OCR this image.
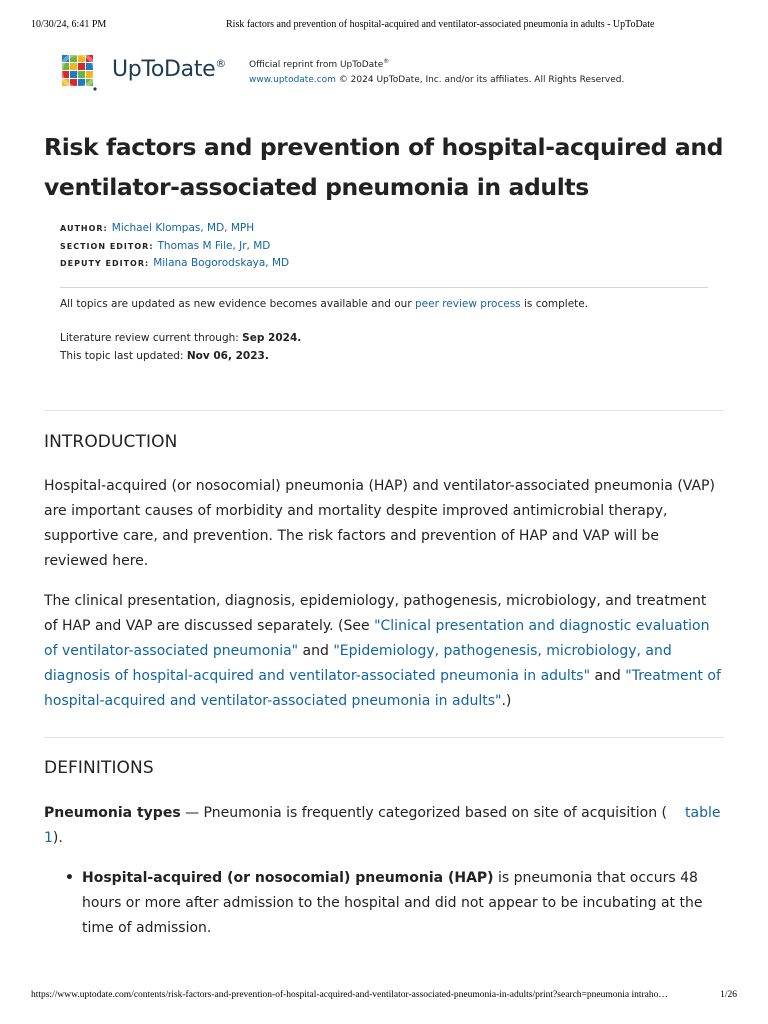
10/30/24, 6:41 PM	Risk factors and prevention of hospital-acquired and ventilator-associated pneumonia in adults - UpToDate
UpToDate®	Official reprint from UpToDate®
www.uptodate.com © 2024 UpToDate, Inc. and/or its affiliates. All Rights Reserved.
Risk factors and prevention of hospital-acquired and ventilator-associated pneumonia in adults
AUTHOR: Michael Klompas, MD, MPH
SECTION EDITOR: Thomas M File, Jr, MD
DEPUTY EDITOR: Milana Bogorodskaya, MD
All topics are updated as new evidence becomes available and our peer review process is complete.
Literature review current through: Sep 2024.
This topic last updated: Nov 06, 2023.
INTRODUCTION

Hospital-acquired (or nosocomial) pneumonia (HAP) and ventilator-associated pneumonia (VAP) are important causes of morbidity and mortality despite improved antimicrobial therapy, supportive care, and prevention. The risk factors and prevention of HAP and VAP will be reviewed here.

The clinical presentation, diagnosis, epidemiology, pathogenesis, microbiology, and treatment of HAP and VAP are discussed separately. (See "Clinical presentation and diagnostic evaluation of ventilator-associated pneumonia" and "Epidemiology, pathogenesis, microbiology, and diagnosis of hospital-acquired and ventilator-associated pneumonia in adults" and "Treatment of hospital-acquired and ventilator-associated pneumonia in adults".)

DEFINITIONS

Pneumonia types — Pneumonia is frequently categorized based on site of acquisition ( table 1).

• Hospital-acquired (or nosocomial) pneumonia (HAP) is pneumonia that occurs 48 hours or more after admission to the hospital and did not appear to be incubating at the time of admission.
https://www.uptodate.com/contents/risk-factors-and-prevention-of-hospital-acquired-and-ventilator-associated-pneumonia-in-adults/print?search=pneumonia intraho…	1/26
